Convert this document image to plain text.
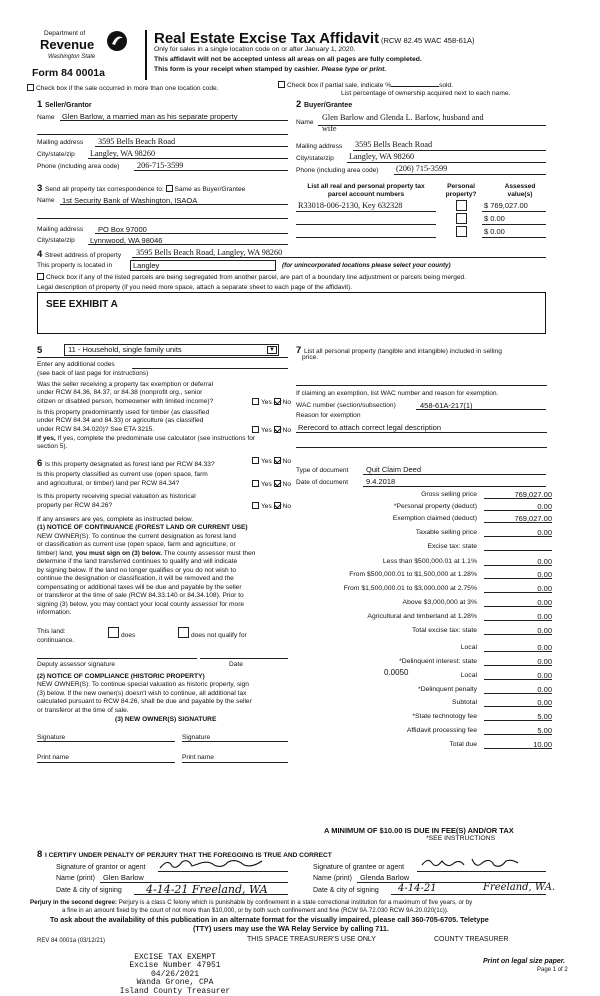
Department of
Revenue
Washington State
Form 84 0001a
Real Estate Excise Tax Affidavit (RCW 82.45 WAC 458-61A)
Only for sales in a single location code on or after January 1, 2020.
This affidavit will not be accepted unless all areas on all pages are fully completed.
This form is your receipt when stamped by cashier. Please type or print.
Check box if the sale occurred in more than one location code.	Check box if partial sale, indicate %	sold.
List percentage of ownership acquired next to each name.
1 Seller/Grantor
Name Glen Barlow, a married man as his separate property
Mailing address 3595 Bells Beach Road
City/state/zip Langley, WA 98260
Phone (including area code) 206-715-3599
2 Buyer/Grantee
Name
Glen Barlow and Glenda L. Barlow, husband and
wife
Mailing address 3595 Bells Beach Road
City/state/zip Langley, WA 98260
Phone (including area code) (206) 715-3599
3 Send all property tax correspondence to: Same as Buyer/Grantee
Name 1st Security Bank of Washington, ISAOA
Mailing address PO Box 97000
City/state/zip Lynnwood, WA 98046
List all real and personal property tax
parcel account numbers
Personal
property?
Assessed
value(s)
R33018-006-2130, Key 632328	$ 769,027.00
$ 0.00
$ 0.00
4 Street address of property 3595 Bells Beach Road, Langley, WA 98260
This property is located in	Langley	(for unincorporated locations please select your county)
Check box if any of the listed parcels are being segregated from another parcel, are part of a boundary line adjustment or parcels being merged.
Legal description of property (if you need more space, attach a separate sheet to each page of the affidavit).
SEE EXHIBIT A
5	11 - Household, single family units	▼
Enter any additional codes
(see back of last page for instructions)
Was the seller receiving a property tax exemption or deferral
under RCW 84.36, 84.37, or 84.38 (nonprofit org., senior
citizen or disabled person, homeowner with limited income)?	Yes No
Is this property predominantly used for timber (as classified
under RCW 84.34 and 84.33) or agriculture (as classified
under RCW 84.34.020)? See ETA 3215.	Yes No
If yes, If yes, complete the predominate use calculator (see instructions for
section 5).
6 Is this property designated as forest land per RCW 84.33?	Yes No
Is this property classified as current use (open space, farm
and agricultural, or timber) land per RCW 84.34?	Yes No
Is this property receiving special valuation as historical
property per RCW 84.26?	Yes No
If any answers are yes, complete as instructed below.
(1) NOTICE OF CONTINUANCE (FOREST LAND OR CURRENT USE)
NEW OWNER(S): To continue the current designation as forest land
or classification as current use (open space, farm and agriculture, or
timber) land, you must sign on (3) below. The county assessor must then
determine if the land transferred continues to qualify and will indicate
by signing below. If the land no longer qualifies or you do not wish to
continue the designation or classification, it will be removed and the
compensating or additional taxes will be due and payable by the seller
or transferor at the time of sale (RCW 84.33.140 or 84.34.108). Prior to
signing (3) below, you may contact your local county assessor for more
information.
This land:
does	does not qualify for
continuance.
Deputy assessor signature	Date
(2) NOTICE OF COMPLIANCE (HISTORIC PROPERTY)
NEW OWNER(S): To continue special valuation as historic property, sign
(3) below. If the new owner(s) doesn't wish to continue, all additional tax
calculated pursuant to RCW 84.26, shall be due and payable by the seller
or transferor at the time of sale.
(3) NEW OWNER(S) SIGNATURE
Signature	Signature
Print name	Print name
7 List all personal property (tangible and intangible) included in selling
price.
If claiming an exemption, list WAC number and reason for exemption.
WAC number (section/subsection)	458-61A-217(1)
Reason for exemption
Rerecord to attach correct legal description
Type of document Quit Claim Deed
Date of document 9.4.2018
Gross selling price	769,027.00
*Personal property (deduct)	0.00
Exemption claimed (deduct)	769,027.00
Taxable selling price	0.00
Excise tax: state
Less than $500,000.01 at 1.1%	0.00
From $500,000.01 to $1,500,000 at 1.28%	0.00
From $1,500,000.01 to $3,000,000 at 2.75%	0.00
Above $3,000,000 at 3%	0.00
Agricultural and timberland at 1.28%	0.00
Total excise tax: state	0.00
Local	0.00
*Delinquent interest: state	0.00
Local	0.00
*Delinquent penalty	0.00
Subtotal	0.00
*State technology fee	5.00
Affidavit processing fee	5.00
Total due	10.00
0.0050
A MINIMUM OF $10.00 IS DUE IN FEE(S) AND/OR TAX
*SEE INSTRUCTIONS
8 I CERTIFY UNDER PENALTY OF PERJURY THAT THE FOREGOING IS TRUE AND CORRECT
Signature of grantor or agent
Name (print) Glen Barlow
Date & city of signing 4-14-21 Freeland, WA
Signature of grantee or agent
Name (print) Glenda Barlow
Date & city of signing 4-14-21	Freeland, WA.
Perjury in the second degree: Perjury is a class C felony which is punishable by confinement in a state correctional institution for a maximum of five years, or by
a fine in an amount fixed by the court of not more than $10,000, or by both such confinement and fine (RCW 9A.72.030 RCW 9A.20.020(1c)).
To ask about the availability of this publication in an alternate format for the visually impaired, please call 360-705-6705. Teletype
(TTY) users may use the WA Relay Service by calling 711.
REV 84 0001a (03/12/21)	THIS SPACE TREASURER'S USE ONLY	COUNTY TREASURER
EXCISE TAX EXEMPT
Excise Number 47951
04/26/2021
Wanda Grone, CPA
Island County Treasurer
Print on legal size paper.
Page 1 of 2
